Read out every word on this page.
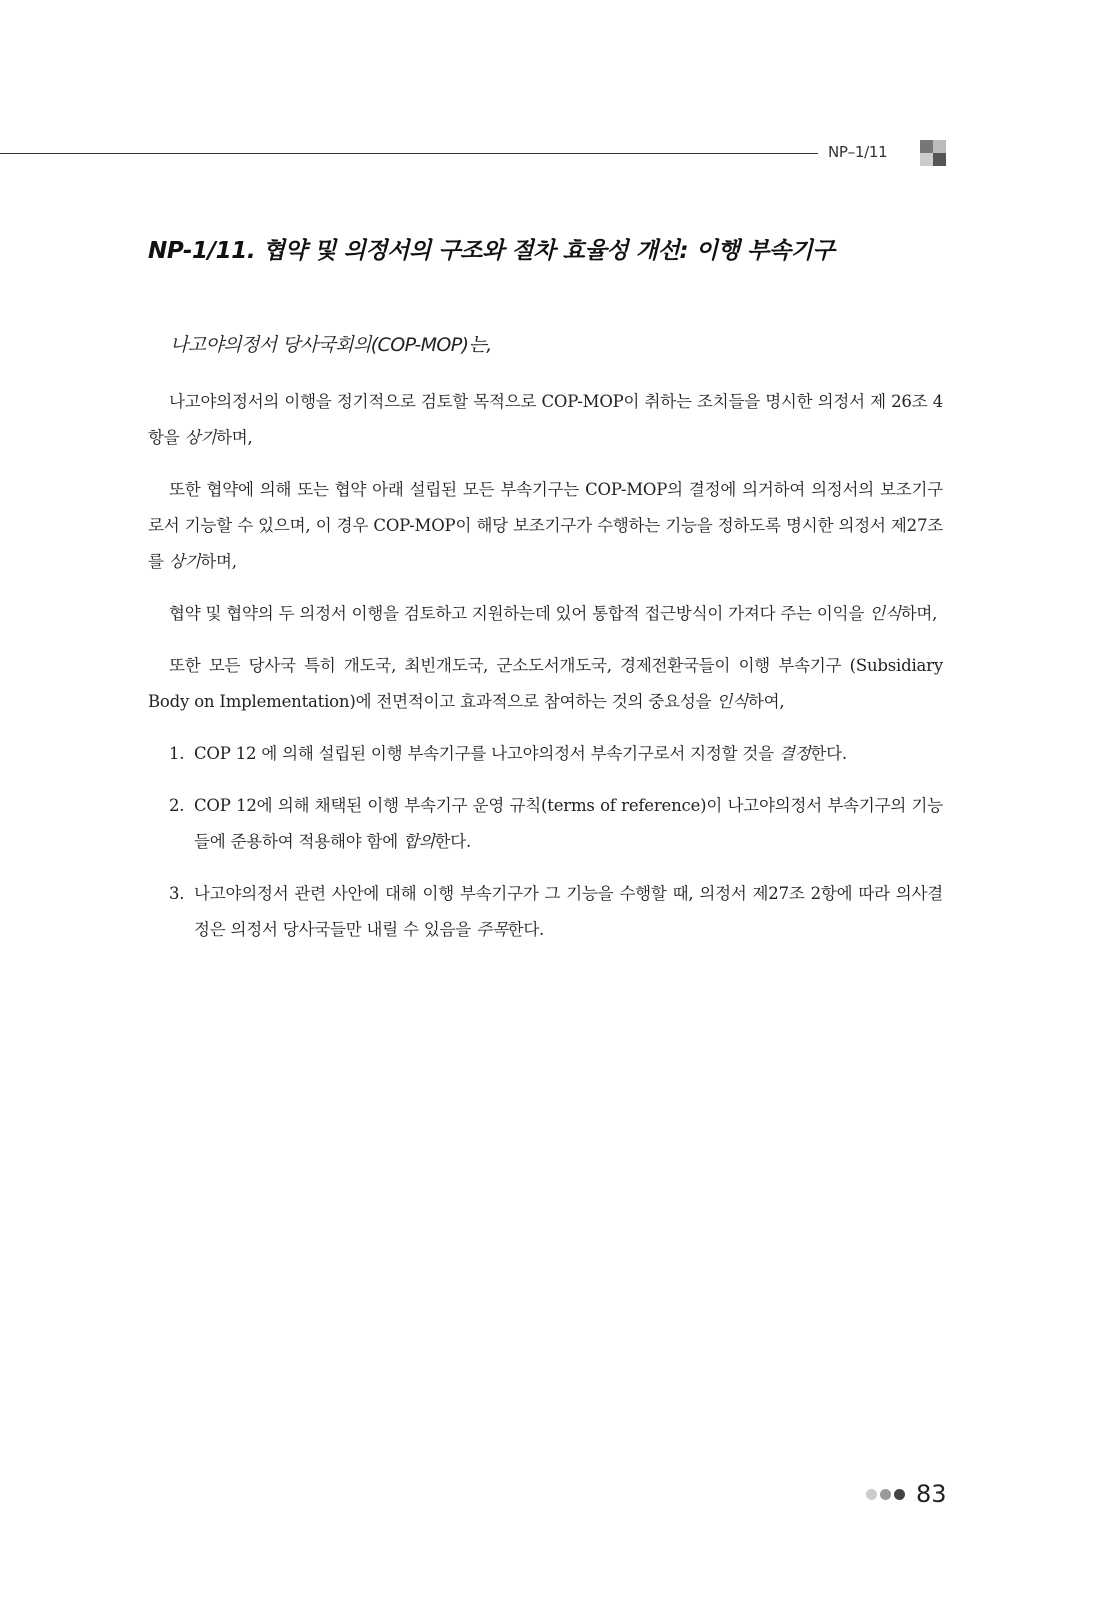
NP–1/11
NP-1/11. 협약 및 의정서의 구조와 절차 효율성 개선: 이행 부속기구
나고야의정서 당사국회의(COP-MOP)는,

나고야의정서의 이행을 정기적으로 검토할 목적으로 COP-MOP이 취하는 조치들을 명시한 의정서 제 26조 4항을 상기하며,

또한 협약에 의해 또는 협약 아래 설립된 모든 부속기구는 COP-MOP의 결정에 의거하여 의정서의 보조기구로서 기능할 수 있으며, 이 경우 COP-MOP이 해당 보조기구가 수행하는 기능을 정하도록 명시한 의정서 제27조를 상기하며,

협약 및 협약의 두 의정서 이행을 검토하고 지원하는데 있어 통합적 접근방식이 가져다 주는 이익을 인식하며,

또한 모든 당사국 특히 개도국, 최빈개도국, 군소도서개도국, 경제전환국들이 이행 부속기구 (Subsidiary Body on Implementation)에 전면적이고 효과적으로 참여하는 것의 중요성을 인식하여,

1. COP 12 에 의해 설립된 이행 부속기구를 나고야의정서 부속기구로서 지정할 것을 결정한다.
2. COP 12에 의해 채택된 이행 부속기구 운영 규칙(terms of reference)이 나고야의정서 부속기구의 기능들에 준용하여 적용해야 함에 합의한다.
3. 나고야의정서 관련 사안에 대해 이행 부속기구가 그 기능을 수행할 때, 의정서 제27조 2항에 따라 의사결정은 의정서 당사국들만 내릴 수 있음을 주목한다.
83
